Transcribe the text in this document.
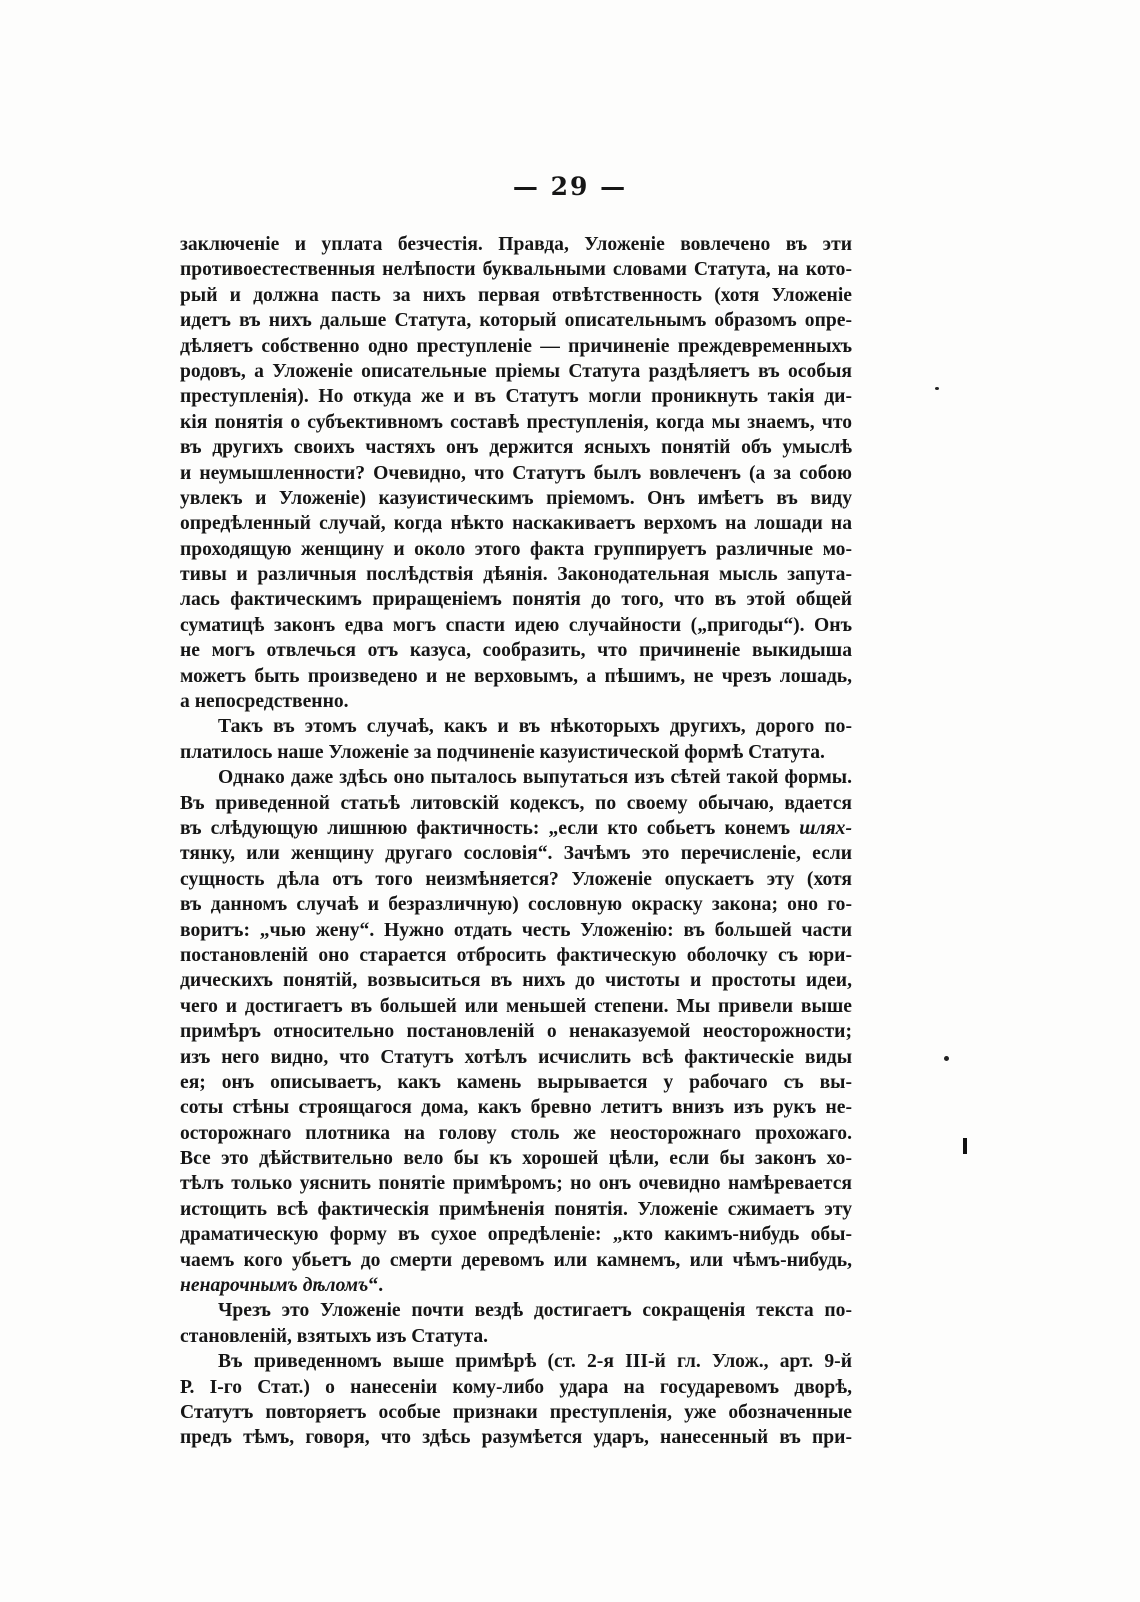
— 29 —
заключеніе и уплата безчестія. Правда, Уложеніе вовлечено въ эти
противоестественныя нелѣпости буквальными словами Статута, на кото-
рый и должна пасть за нихъ первая отвѣтственность (хотя Уложеніе
идетъ въ нихъ дальше Статута, который описательнымъ образомъ опре-
дѣляетъ собственно одно преступленіе — причиненіе преждевременныхъ
родовъ, а Уложеніе описательные пріемы Статута раздѣляетъ въ особыя
преступленія). Но откуда же и въ Статутъ могли проникнуть такія ди-
кія понятія о субъективномъ составѣ преступленія, когда мы знаемъ, что
въ другихъ своихъ частяхъ онъ держится ясныхъ понятій объ умыслѣ
и неумышленности? Очевидно, что Статутъ былъ вовлеченъ (а за собою
увлекъ и Уложеніе) казуистическимъ пріемомъ. Онъ имѣетъ въ виду
опредѣленный случай, когда нѣкто наскакиваетъ верхомъ на лошади на
проходящую женщину и около этого факта группируетъ различные мо-
тивы и различныя послѣдствія дѣянія. Законодательная мысль запута-
лась фактическимъ приращеніемъ понятія до того, что въ этой общей
суматицѣ законъ едва могъ спасти идею случайности („пригоды“). Онъ
не могъ отвлечься отъ казуса, сообразить, что причиненіе выкидыша
можетъ быть произведено и не верховымъ, а пѣшимъ, не чрезъ лошадь,
а непосредственно.
Такъ въ этомъ случаѣ, какъ и въ нѣкоторыхъ другихъ, дорого по-
платилось наше Уложеніе за подчиненіе казуистической формѣ Статута.
Однако даже здѣсь оно пыталось выпутаться изъ сѣтей такой формы.
Въ приведенной статьѣ литовскій кодексъ, по своему обычаю, вдается
въ слѣдующую лишнюю фактичность: „если кто собьетъ конемъ шлях-
тянку, или женщину другаго сословія“. Зачѣмъ это перечисленіе, если
сущность дѣла отъ того неизмѣняется? Уложеніе опускаетъ эту (хотя
въ данномъ случаѣ и безразличную) сословную окраску закона; оно го-
воритъ: „чью жену“. Нужно отдать честь Уложенію: въ большей части
постановленій оно старается отбросить фактическую оболочку съ юри-
дическихъ понятій, возвыситься въ нихъ до чистоты и простоты идеи,
чего и достигаетъ въ большей или меньшей степени. Мы привели выше
примѣръ относительно постановленій о ненаказуемой неосторожности;
изъ него видно, что Статутъ хотѣлъ исчислить всѣ фактическіе виды
ея; онъ описываетъ, какъ камень вырывается у рабочаго съ вы-
соты стѣны строящагося дома, какъ бревно летитъ внизъ изъ рукъ не-
осторожнаго плотника на голову столь же неосторожнаго прохожаго.
Все это дѣйствительно вело бы къ хорошей цѣли, если бы законъ хо-
тѣлъ только уяснить понятіе примѣромъ; но онъ очевидно намѣревается
истощить всѣ фактическія примѣненія понятія. Уложеніе сжимаетъ эту
драматическую форму въ сухое опредѣленіе: „кто какимъ-нибудь обы-
чаемъ кого убьетъ до смерти деревомъ или камнемъ, или чѣмъ-нибудь,
ненарочнымъ дѣломъ“.
Чрезъ это Уложеніе почти вездѣ достигаетъ сокращенія текста по-
становленій, взятыхъ изъ Статута.
Въ приведенномъ выше примѣрѣ (ст. 2-я III-й гл. Улож., арт. 9-й
Р. I-го Стат.) о нанесеніи кому-либо удара на государевомъ дворѣ,
Статутъ повторяетъ особые признаки преступленія, уже обозначенные
предъ тѣмъ, говоря, что здѣсь разумѣется ударъ, нанесенный въ при-
